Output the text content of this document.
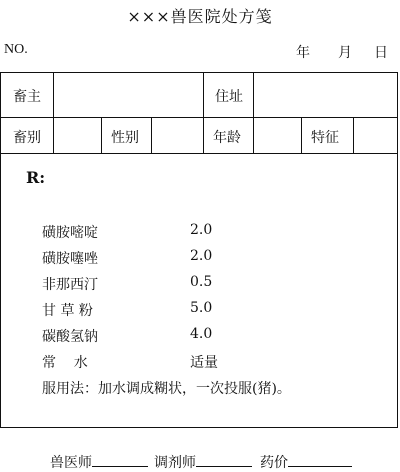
×××兽医院处方笺
NO.	年 月 日
畜主	住址
畜别	性别	年龄	特征
R:
磺胺嘧啶	2.0
磺胺噻唑	2.0
非那西汀	0.5
甘 草 粉	5.0
碳酸氢钠	4.0
常    水	适量
服用法：加水调成糊状，一次投服(猪)。
兽医师	调剂师	药价
